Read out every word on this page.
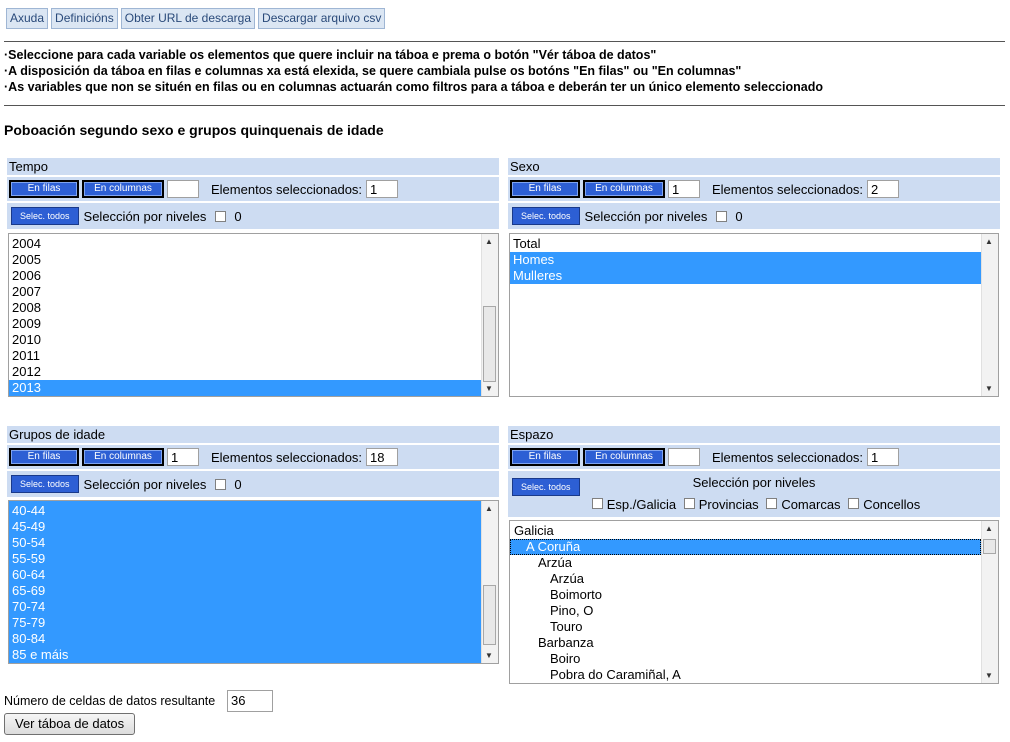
Axuda Definicións Obter URL de descarga Descargar arquivo csv
·Seleccione para cada variable os elementos que quere incluir na táboa e prema o botón "Vér táboa de datos"
·A disposición da táboa en filas e columnas xa está elexida, se quere cambiala pulse os botóns "En filas" ou "En columnas"
·As variables que non se situén en filas ou en columnas actuarán como filtros para a táboa e deberán ter un único elemento seleccionado
Poboación segundo sexo e grupos quinquenais de idade
Tempo
En filas	En columnas	Elementos seleccionados: 1
Selec. todos	Selección por niveles 0
2004
2005
2006
2007
2008
2009
2010
2011
2012
2013
▲
▼
Sexo
En filas	En columnas	1	Elementos seleccionados: 2
Selec. todos	Selección por niveles 0
Total
Homes
Mulleres
▲
▼
Grupos de idade
En filas	En columnas	1	Elementos seleccionados: 18
Selec. todos	Selección por niveles 0
40-44
45-49
50-54
55-59
60-64
65-69
70-74
75-79
80-84
85 e máis
▲
▼
Espazo
En filas	En columnas	Elementos seleccionados: 1
Selec. todos	Selección por niveles
Esp./Galicia Provincias Comarcas Concellos
Galicia
A Coruña
Arzúa
Arzúa
Boimorto
Pino, O
Touro
Barbanza
Boiro
Pobra do Caramiñal, A
▲
▼
Número de celdas de datos resultante	36
Ver táboa de datos
